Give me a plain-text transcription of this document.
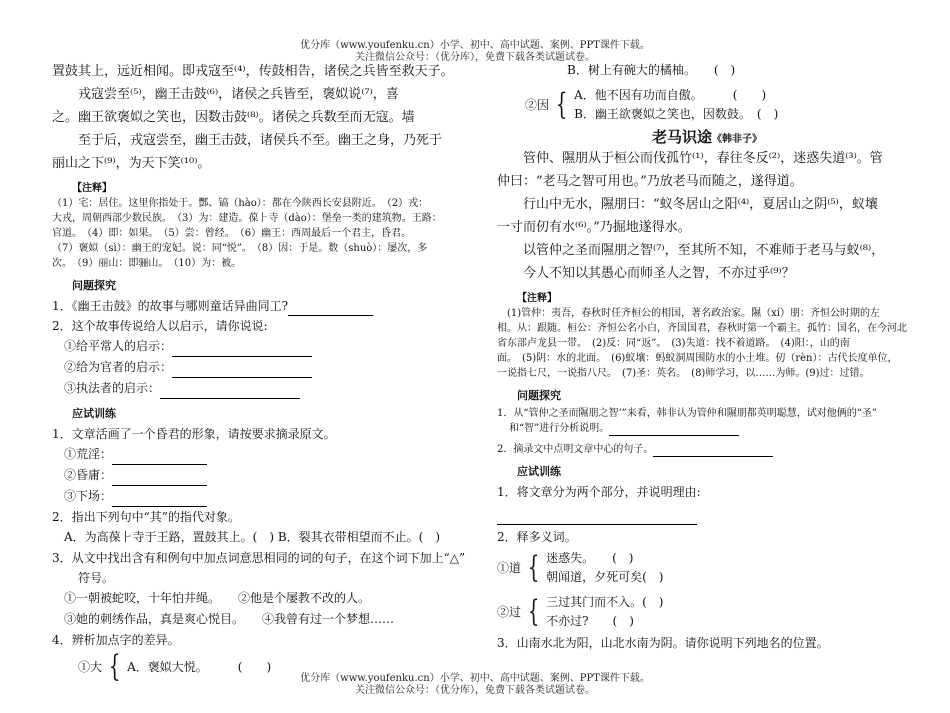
优分库（www.youfenku.cn）小学、初中、高中试题、案例、PPT课件下载。
关注微信公众号：（优分库），免费下载各类试题试卷。

置鼓其上，远近相闻。即戎寇至⁽⁴⁾，传鼓相告，诸侯之兵皆至救天子。

戎寇尝至⁽⁵⁾，幽王击鼓⁽⁶⁾，诸侯之兵皆至，褒姒说⁽⁷⁾，喜

之。幽王欲褒姒之笑也，因数击鼓⁽⁸⁾。诸侯之兵数至而无寇。墙

至于后，戎寇尝至，幽王击鼓，诸侯兵不至。幽王之身，乃死于

丽山之下⁽⁹⁾，为天下笑⁽¹⁰⁾。

【注释】

（1）宅：居住。这里你指处于。酆、镐（hào）：都在今陕西长安县附近。　（2）戎：

大戎，周朝西部少数民族。　（3）为：建造。葆⺊寺（dào）：堡垒一类的建筑物。王路：

官道。　（4）即：如果。　（5）尝：曾经。　（6）幽王：西周最后一个君主，昏君。

（7）褒姒（sì）：幽王的宠妃。说：同“悦”。　（8）因：于是。数（shuò）：屡次，多

次。　（9）丽山：即骊山。　（10）为：被。

问题探究

1．《幽王击鼓》的故事与哪则童话异曲同工?

2．这个故事传说给人以启示，请你说说:

①给平常人的启示：

②给为官者的启示：

③执法者的启示：

应试训练

1．文章活画了一个昏君的形象，请按要求摘录原文。

①荒淫：

②昏庸：

③下场：

2．指出下列句中“其”的指代对象。

A．为高葆⺊寺于王路，置鼓其上。(　) B．裂其衣带相望而不止。(　)

3．从文中找出含有和例句中加点词意思相同的词的句子，在这个词下加上“△”

符号。

①一朝被蛇咬，十年怕井绳。　　②他是个屡教不改的人。

③她的刺绣作品，真是爽心悦目。　　④我曾有过一个梦想……

4．辨析加点字的差异。

①大 { A．褒姒大悦。　　　(　　)

B．树上有碗大的橘柚。　　(　)

②因 { A．他不因有功而自傲。　　　(　　)

B．幽王欲褒姒之笑也，因数鼓。　(　)

老马识途《韩非子》

管仲、隰朋从于桓公而伐孤竹⁽¹⁾，春往冬反⁽²⁾，迷惑失道⁽³⁾。管

仲曰：“老马之智可用也。”乃放老马而随之，遂得道。

行山中无水，隰朋曰：“蚁冬居山之阳⁽⁴⁾，夏居山之阴⁽⁵⁾，蚁壤

一寸而仞有水⁽⁶⁾。”乃掘地遂得水。

以管仲之圣而隰朋之智⁽⁷⁾，至其所不知，不难师于老马与蚁⁽⁸⁾，

今人不知以其愚心而师圣人之智，不亦过乎⁽⁹⁾？

【注释】

　(1)管仲：夷吾，春秋时任齐桓公的相国，著名政治家。隰（xí）朋：齐恒公时期的左

相。从：跟随。桓公：齐恒公名小白，齐国国君，春秋时第一个霸主。孤竹：国名，在今河北

省东部卢龙县一带。　(2)反：同“返”。　(3)失道：找不着道路。　(4)阳：，山的南

面。　(5)阴：水的北面。　(6)蚁壤：蚂蚁洞周围防水的小土堆。仞（rèn）：古代长度单位，

一说指七尺，一说指八尺。　(7)圣：英名。　(8)师学习，以……为师。(9)过：过错。

问题探究

1．从“管仲之圣而隰朋之智’”来看，韩非认为管仲和隰朋都英明聪慧，试对他俩的“圣”

和“智”进行分析说明。

2．摘录文中点明文章中心的句子。

应试训练

1．将文章分为两个部分，并说明理由:

2．释多义词。

①道 { 迷惑失。　　(　)

朝闻道，夕死可矣(　)

②过 { 三过其门而不入。(　)

不亦过?　　(　)

3．山南水北为阳，山北水南为阴。请你说明下列地名的位置。

优分库（www.youfenku.cn）小学、初中、高中试题、案例、PPT课件下载。
关注微信公众号：（优分库），免费下载各类试题试卷。
